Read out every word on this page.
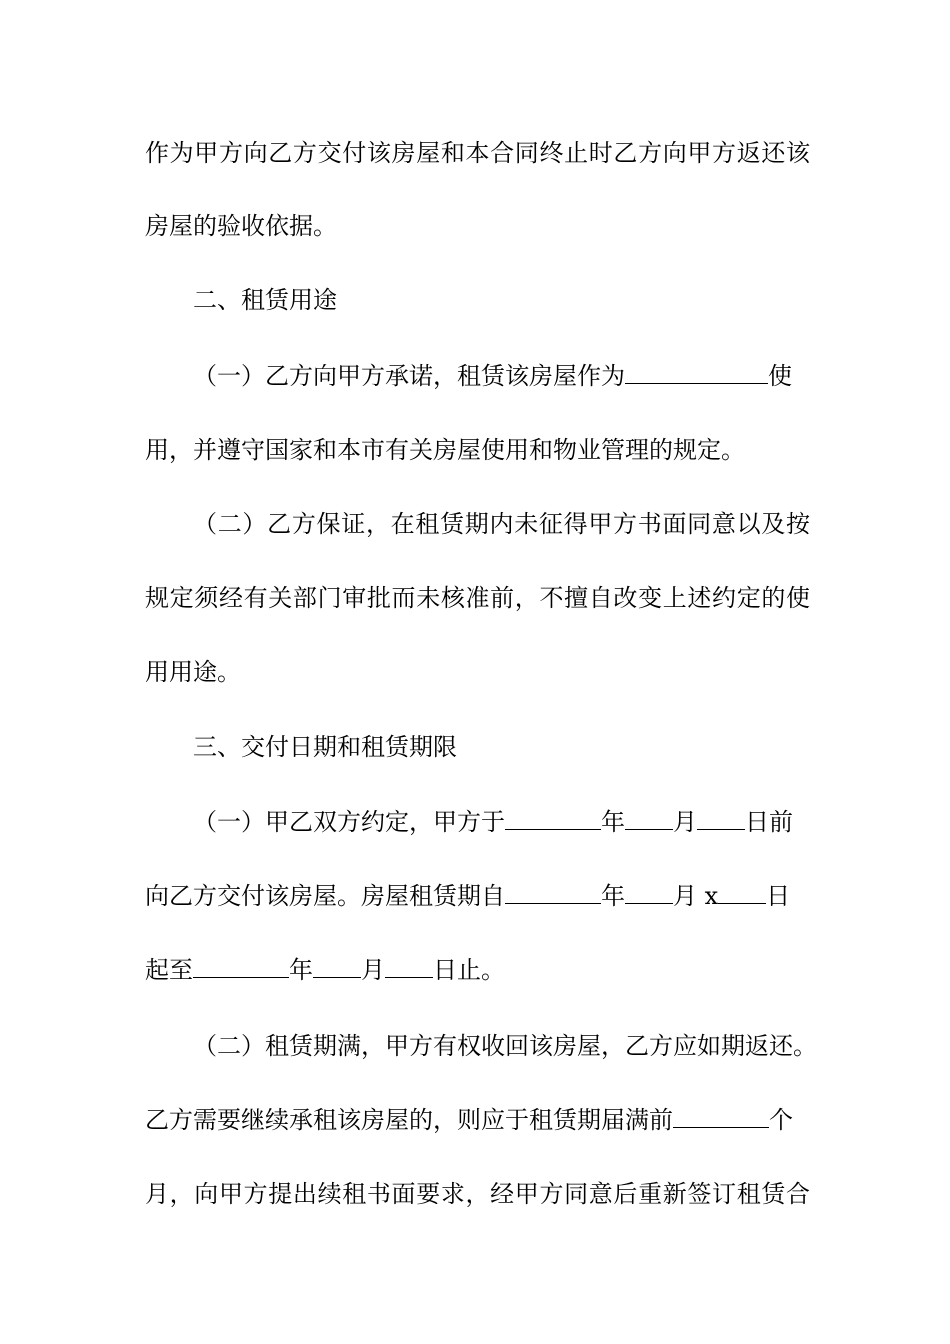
作为甲方向乙方交付该房屋和本合同终止时乙方向甲方返还该
房屋的验收依据。
二、租赁用途
（一）乙方向甲方承诺，租赁该房屋作为	使
用，并遵守国家和本市有关房屋使用和物业管理的规定。
（二）乙方保证，在租赁期内未征得甲方书面同意以及按
规定须经有关部门审批而未核准前，不擅自改变上述约定的使
用用途。
三、交付日期和租赁期限
（一）甲乙双方约定，甲方于	年 月 日前
向乙方交付该房屋。房屋租赁期自	年 月 x 日
起至	年 月 日止。
（二）租赁期满，甲方有权收回该房屋，乙方应如期返还。
乙方需要继续承租该房屋的，则应于租赁期届满前	个
月，向甲方提出续租书面要求，经甲方同意后重新签订租赁合
